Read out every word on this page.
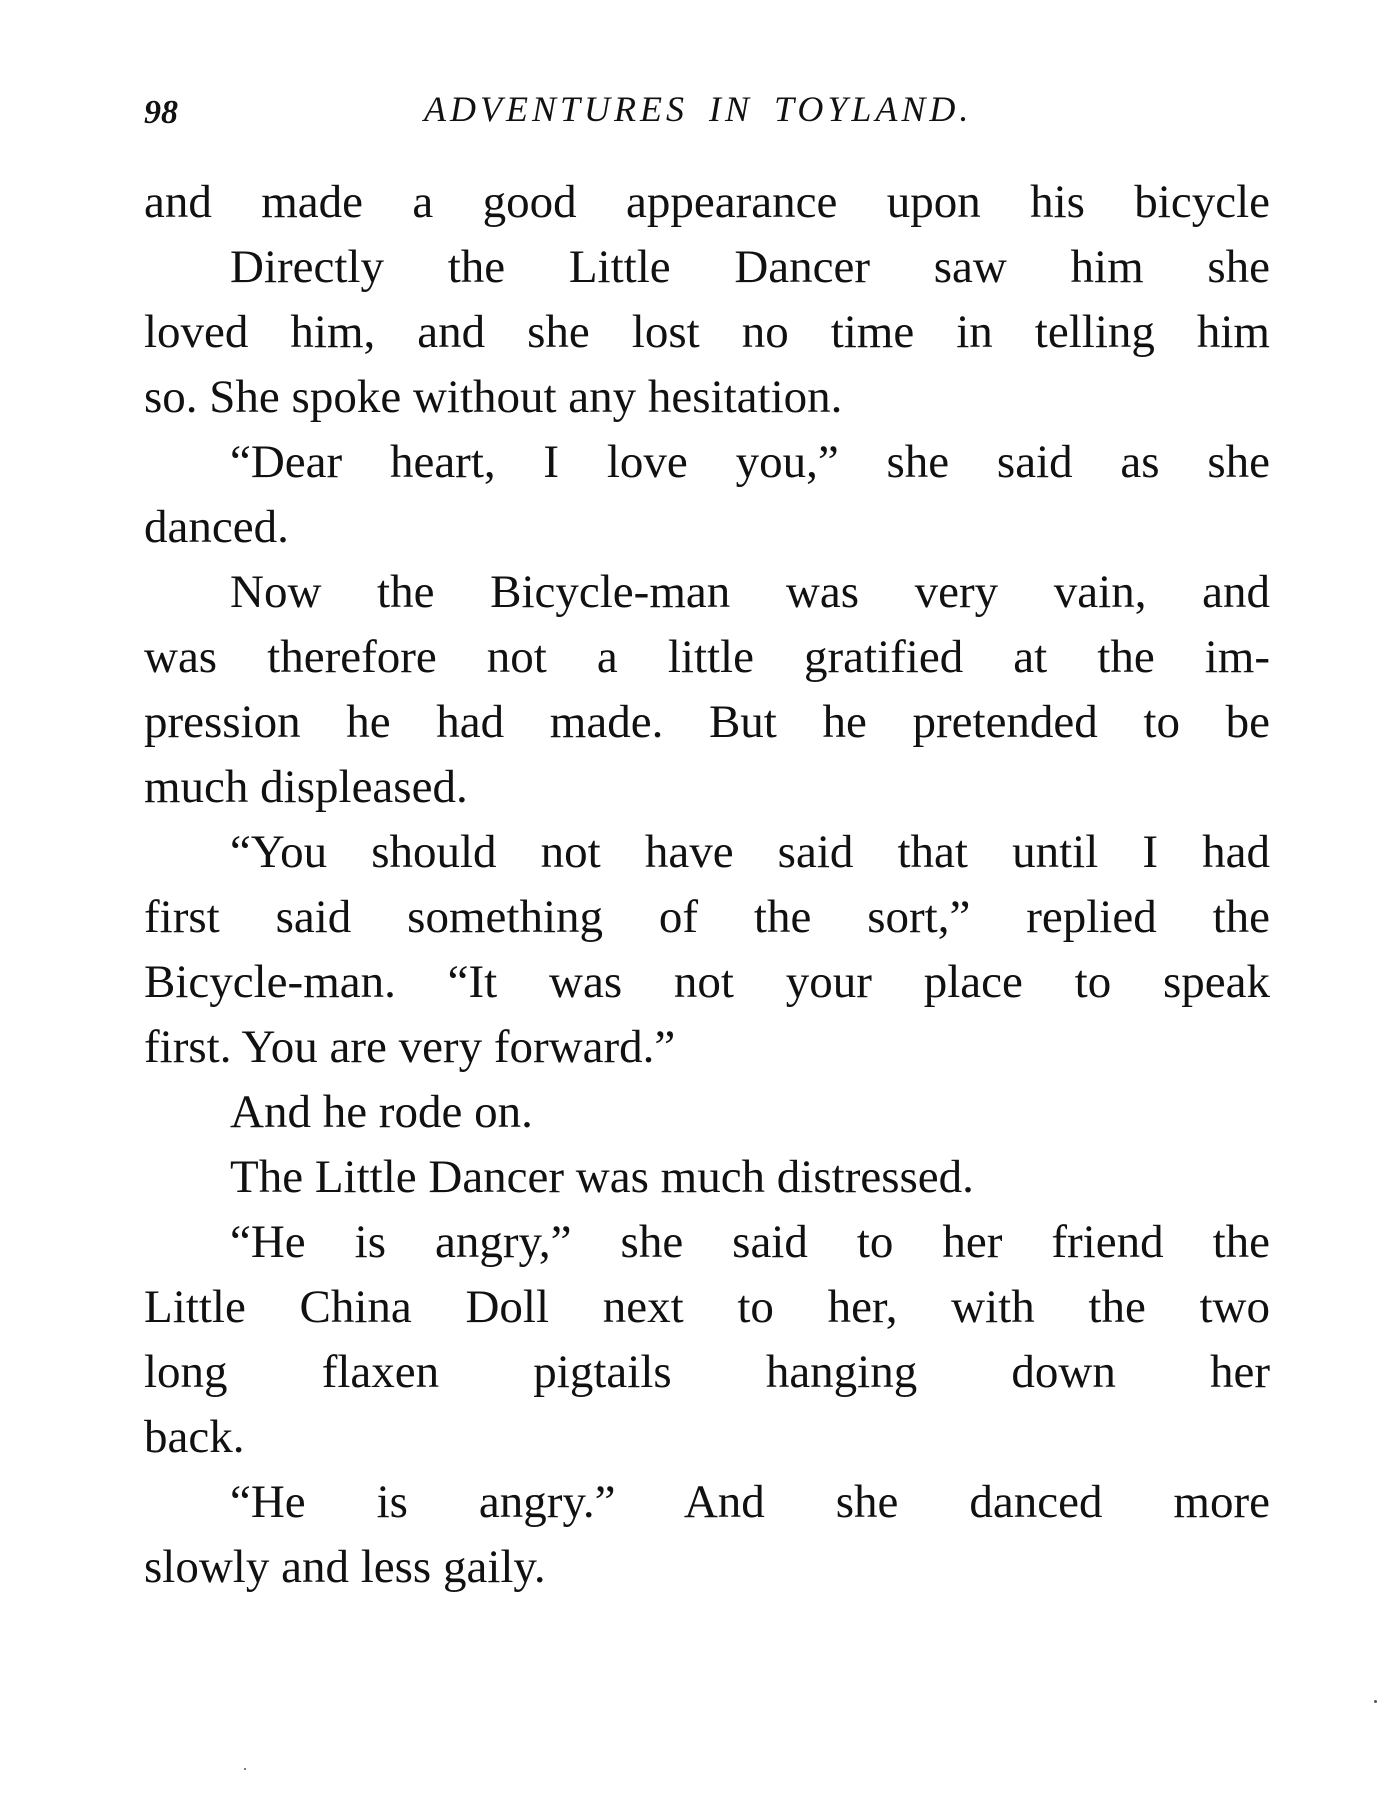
98	ADVENTURES IN TOYLAND.
and made a good appearance upon his bicycle
Directly the Little Dancer saw him she
loved him, and she lost no time in telling him
so. She spoke without any hesitation.
“Dear heart, I love you,” she said as she
danced.
Now the Bicycle-man was very vain, and
was therefore not a little gratified at the im-
pression he had made. But he pretended to be
much displeased.
“You should not have said that until I had
first said something of the sort,” replied the
Bicycle-man. “It was not your place to speak
first. You are very forward.”
And he rode on.
The Little Dancer was much distressed.
“He is angry,” she said to her friend the
Little China Doll next to her, with the two
long flaxen pigtails hanging down her
back.
“He is angry.” And she danced more
slowly and less gaily.
